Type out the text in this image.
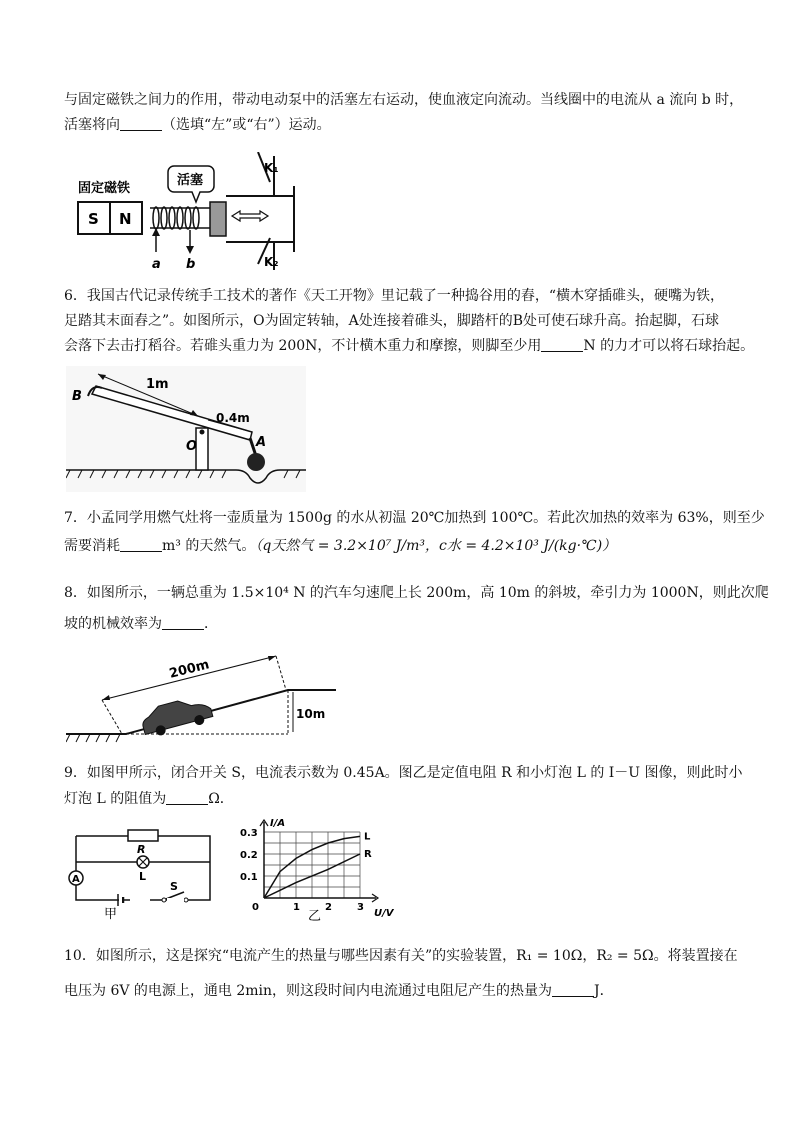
与固定磁铁之间力的作用，带动电动泵中的活塞左右运动，使血液定向流动。当线圈中的电流从 a 流向 b 时，
活塞将向	（选填“左”或“右”）运动。
固定磁铁
S N
活塞
K₁
K₂
a b
6．我国古代记录传统手工技术的著作《天工开物》里记载了一种捣谷用的舂，“横木穿插碓头，硬嘴为铁，
足踏其末面舂之”。如图所示，O为固定转轴，A处连接着碓头，脚踏杆的B处可使石球升高。抬起脚，石球
会落下去击打稻谷。若碓头重力为 200N，不计横木重力和摩擦，则脚至少用	N 的力才可以将石球抬起。
1m
0.4m
B
O	A
7．小孟同学用燃气灶将一壶质量为 1500g 的水从初温 20℃加热到 100℃。若此次加热的效率为 63%，则至少
需要消耗	m³ 的天然气。（q天然气 = 3.2×10⁷ J/m³，c水 = 4.2×10³ J/(kg·℃)）
8．如图所示，一辆总重为 1.5×10⁴ N 的汽车匀速爬上长 200m，高 10m 的斜坡，牵引力为 1000N，则此次爬
坡的机械效率为	．
200m
10m
9．如图甲所示，闭合开关 S，电流表示数为 0.45A。图乙是定值电阻 R 和小灯泡 L 的 I－U 图像，则此时小
灯泡 L 的阻值为	Ω．
R
L
A
S
甲
I/A
U/V
0.3
0.2
0.1
0	1	2	3
L
R
乙
10．如图所示，这是探究“电流产生的热量与哪些因素有关”的实验装置，R₁ = 10Ω，R₂ = 5Ω。将装置接在
电压为 6V 的电源上，通电 2min，则这段时间内电流通过电阻尼产生的热量为	J．
